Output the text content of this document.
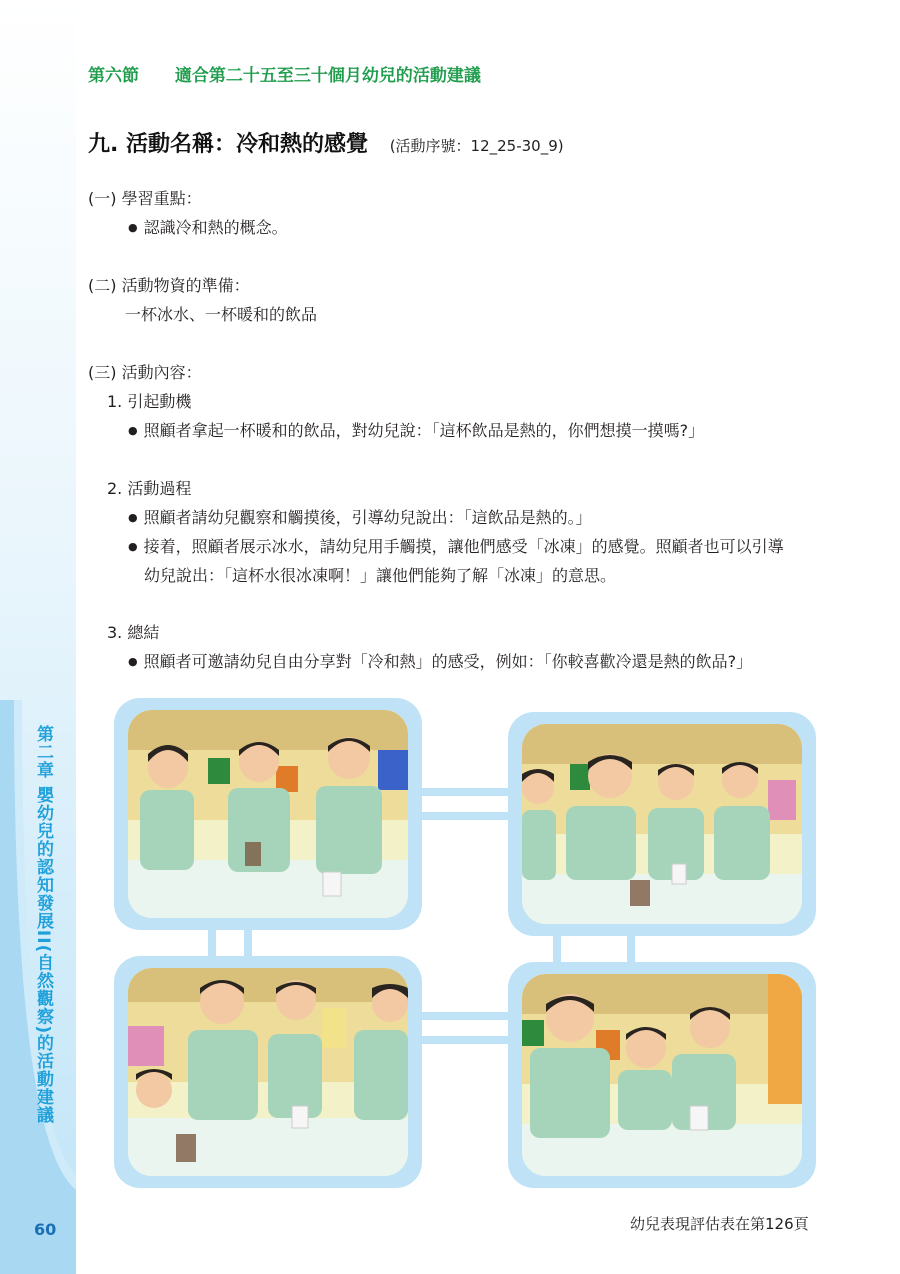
第二章 嬰幼兒的認知發展II(自然觀察)的活動建議
60
第六節 適合第二十五至三十個月幼兒的活動建議
九. 活動名稱：冷和熱的感覺 (活動序號：12_25-30_9)
(一) 學習重點：
● 認識冷和熱的概念。
(二) 活動物資的準備：
一杯冰水、一杯暖和的飲品
(三) 活動內容：
1. 引起動機
● 照顧者拿起一杯暖和的飲品，對幼兒說：「這杯飲品是熱的，你們想摸一摸嗎?」
2. 活動過程
● 照顧者請幼兒觀察和觸摸後，引導幼兒說出：「這飲品是熱的。」
● 接着，照顧者展示冰水，請幼兒用手觸摸，讓他們感受「冰凍」的感覺。照顧者也可以引導
幼兒說出：「這杯水很冰凍啊！」讓他們能夠了解「冰凍」的意思。
3. 總結
● 照顧者可邀請幼兒自由分享對「冷和熱」的感受，例如：「你較喜歡冷還是熱的飲品?」
幼兒表現評估表在第126頁
